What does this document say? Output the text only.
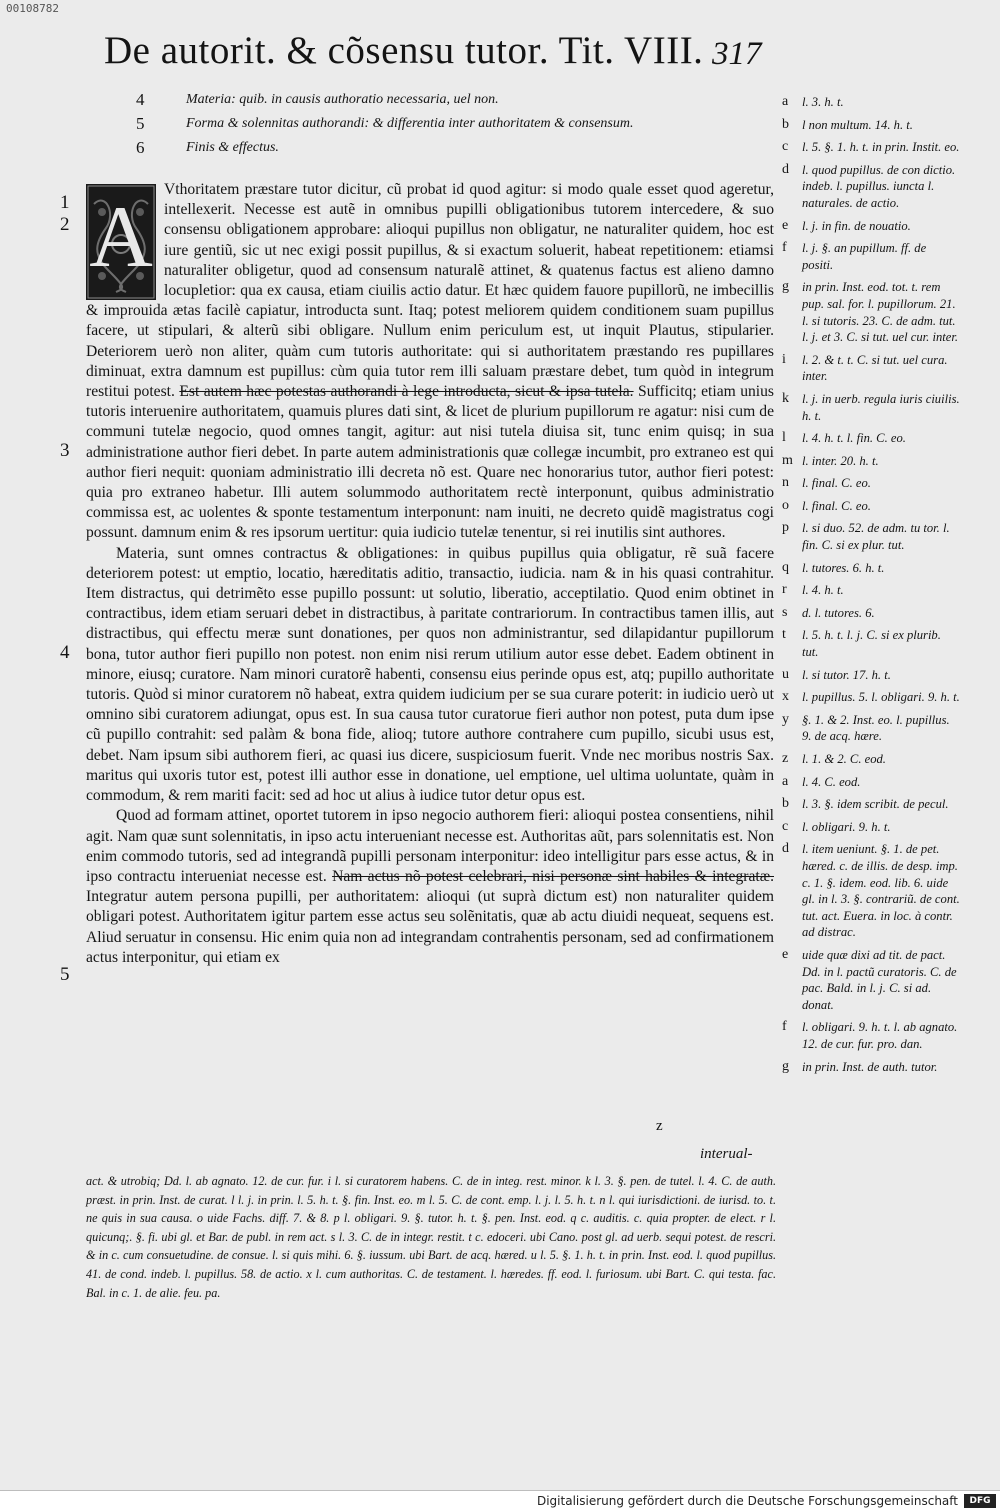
00108782
De autorit. & cõsensu tutor. Tit. VIII. 317
4	Materia: quib. in causis authoratio necessaria, uel non.
5	Forma & solennitas authorandi: & differentia inter authoritatem & consensum.
6	Finis & effectus.
1
2
3
4
5
A Vthoritatem præstare tutor dicitur, cũ probat id quod agitur: si modo quale esset quod ageretur, intellexerit. Necesse est autẽ in omnibus pupilli obligationibus tutorem intercedere, & suo consensu obligationem approbare: alioqui pupillus non obligatur, ne naturaliter quidem, hoc est iure gentiũ, sic ut nec exigi possit pupillus, & si exactum soluerit, habeat repetitionem: etiamsi naturaliter obligetur, quod ad consensum naturalẽ attinet, & quatenus factus est alieno damno locupletior: qua ex causa, etiam ciuilis actio datur. Et hæc quidem fauore pupillorũ, ne imbecillis & improuida ætas facilè capiatur, introducta sunt. Itaq; potest meliorem quidem conditionem suam pupillus facere, ut stipulari, & alterũ sibi obligare. Nullum enim periculum est, ut inquit Plautus, stipularier. Deteriorem uerò non aliter, quàm cum tutoris authoritate: qui si authoritatem præstando res pupillares diminuat, extra damnum est pupillus: cùm quia tutor rem illi saluam præstare debet, tum quòd in integrum restitui potest. Est autem hæc potestas authorandi à lege introducta, sicut & ipsa tutela. Sufficitq; etiam unius tutoris interuenire authoritatem, quamuis plures dati sint, & licet de plurium pupillorum re agatur: nisi cum de communi tutelæ negocio, quod omnes tangit, agitur: aut nisi tutela diuisa sit, tunc enim quisq; in sua administratione author fieri debet. In parte autem administrationis quæ collegæ incumbit, pro extraneo est qui author fieri nequit: quoniam administratio illi decreta nõ est. Quare nec honorarius tutor, author fieri potest: quia pro extraneo habetur. Illi autem solummodo authoritatem rectè interponunt, quibus administratio commissa est, ac uolentes & sponte testamentum interponunt: nam inuiti, ne decreto quidẽ magistratus cogi possunt. damnum enim & res ipsorum uertitur: quia iudicio tutelæ tenentur, si rei inutilis sint authores.

Materia, sunt omnes contractus & obligationes: in quibus pupillus quia obligatur, rẽ suã facere deteriorem potest: ut emptio, locatio, hæreditatis aditio, transactio, iudicia. nam & in his quasi contrahitur. Item distractus, qui detrimẽto esse pupillo possunt: ut solutio, liberatio, acceptilatio. Quod enim obtinet in contractibus, idem etiam seruari debet in distractibus, à paritate contrariorum. In contractibus tamen illis, aut distractibus, qui effectu meræ sunt donationes, per quos non administrantur, sed dilapidantur pupillorum bona, tutor author fieri pupillo non potest. non enim nisi rerum utilium autor esse debet. Eadem obtinent in minore, eiusq; curatore. Nam minori curatorẽ habenti, consensu eius perinde opus est, atq; pupillo authoritate tutoris. Quòd si minor curatorem nõ habeat, extra quidem iudicium per se sua curare poterit: in iudicio uerò ut omnino sibi curatorem adiungat, opus est. In sua causa tutor curatorue fieri author non potest, puta dum ipse cũ pupillo contrahit: sed palàm & bona fide, alioq; tutore authore contrahere cum pupillo, sicubi usus est, debet. Nam ipsum sibi authorem fieri, ac quasi ius dicere, suspiciosum fuerit. Vnde nec moribus nostris Sax. maritus qui uxoris tutor est, potest illi author esse in donatione, uel emptione, uel ultima uoluntate, quàm in commodum, & rem mariti facit: sed ad hoc ut alius à iudice tutor detur opus est.

Quod ad formam attinet, oportet tutorem in ipso negocio authorem fieri: alioqui postea consentiens, nihil agit. Nam quæ sunt solennitatis, in ipso actu interueniant necesse est. Authoritas aũt, pars solennitatis est. Non enim commodo tutoris, sed ad integrandã pupilli personam interponitur: ideo intelligitur pars esse actus, & in ipso contractu interueniat necesse est. Nam actus nõ potest celebrari, nisi personæ sint habiles & integratæ. Integratur autem persona pupilli, per authoritatem: alioqui (ut suprà dictum est) non naturaliter quidem obligari potest. Authoritatem igitur partem esse actus seu solẽnitatis, quæ ab actu diuidi nequeat, sequens est. Aliud seruatur in consensu. Hic enim quia non ad integrandam contrahentis personam, sed ad confirmationem actus interponitur, qui etiam ex

z
interual-
act. & utrobiq; Dd. l. ab agnato. 12. de cur. fur. i l. si curatorem habens. C. de in integ. rest. minor. k l. 3. §. pen. de tutel. l. 4. C. de auth. præst. in prin. Inst. de curat. l l. j. in prin. l. 5. h. t. §. fin. Inst. eo. m l. 5. C. de cont. emp. l. j. l. 5. h. t. n l. qui iurisdictioni. de iurisd. to. t. ne quis in sua causa. o uide Fachs. diff. 7. & 8. p l. obligari. 9. §. tutor. h. t. §. pen. Inst. eod. q c. auditis. c. quia propter. de elect. r l. quicunq;. §. fi. ubi gl. et Bar. de publ. in rem act. s l. 3. C. de in integr. restit. t c. edoceri. ubi Cano. post gl. ad uerb. sequi potest. de rescri. & in c. cum consuetudine. de consue. l. si quis mihi. 6. §. iussum. ubi Bart. de acq. hæred. u l. 5. §. 1. h. t. in prin. Inst. eod. l. quod pupillus. 41. de cond. indeb. l. pupillus. 58. de actio. x l. cum authoritas. C. de testament. l. hæredes. ff. eod. l. furiosum. ubi Bart. C. qui testa. fac. Bal. in c. 1. de alie. feu. pa.
a l. 3. h. t.
b l non multum. 14. h. t.
c l. 5. §. 1. h. t. in prin. Instit. eo.
d l. quod pupillus. de con dictio. indeb. l. pupillus. iuncta l. naturales. de actio.
e l. j. in fin. de nouatio.
f l. j. §. an pupillum. ff. de positi.
g in prin. Inst. eod. tot. t. rem pup. sal. for. l. pupillorum. 21. l. si tutoris. 23. C. de adm. tut. l. j. et 3. C. si tut. uel cur. inter.
i l. 2. & t. t. C. si tut. uel cura. inter.
k l. j. in uerb. regula iuris ciuilis. h. t.
l l. 4. h. t. l. fin. C. eo.
m l. inter. 20. h. t.
n l. final. C. eo.
o l. final. C. eo.
p l. si duo. 52. de adm. tu tor. l. fin. C. si ex plur. tut.
q l. tutores. 6. h. t.
r l. 4. h. t.
s d. l. tutores. 6.
t l. 5. h. t. l. j. C. si ex plurib. tut.
u l. si tutor. 17. h. t.
x l. pupillus. 5. l. obligari. 9. h. t.
y §. 1. & 2. Inst. eo. l. pupillus. 9. de acq. hære.
z l. 1. & 2. C. eod.
a l. 4. C. eod.
b l. 3. §. idem scribit. de pecul.
c l. obligari. 9. h. t.
d l. item ueniunt. §. 1. de pet. hæred. c. de illis. de desp. imp. c. 1. §. idem. eod. lib. 6. uide gl. in l. 3. §. contrariũ. de cont. tut. act. Euera. in loc. à contr. ad distrac.
e uide quæ dixi ad tit. de pact. Dd. in l. pactũ curatoris. C. de pac. Bald. in l. j. C. si ad. donat.
f l. obligari. 9. h. t. l. ab agnato. 12. de cur. fur. pro. dan.
g in prin. Inst. de auth. tutor.
Digitalisierung gefördert durch die Deutsche Forschungsgemeinschaft	DFG
